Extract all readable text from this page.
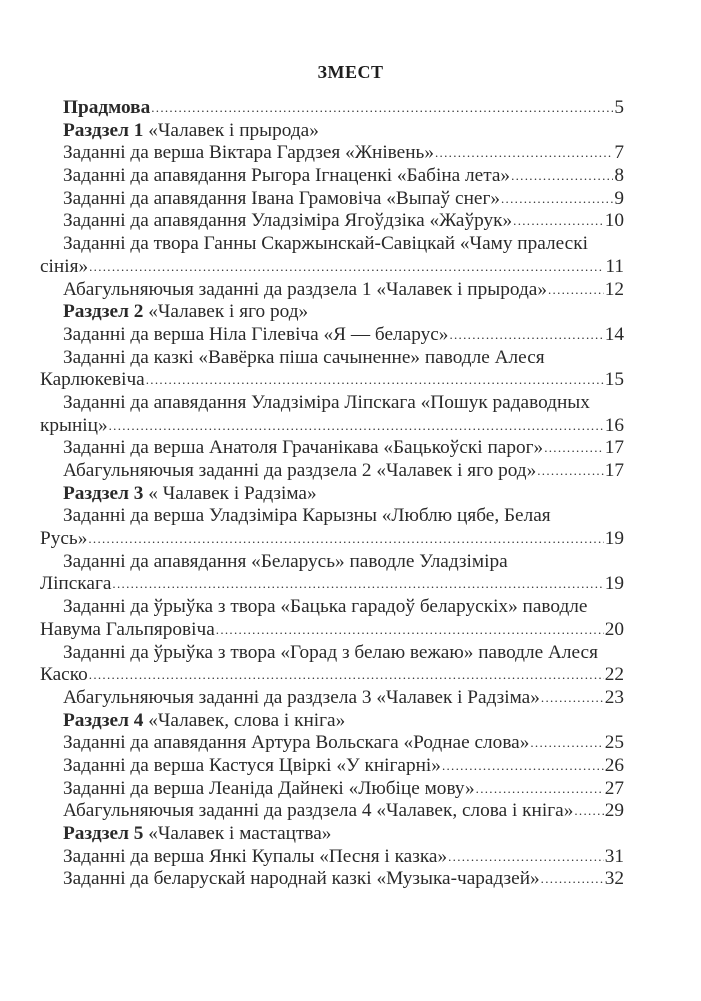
ЗМЕСТ
Прадмова .....	5
Раздзел 1 «Чалавек і прырода»
Заданні да верша Віктара Гардзея «Жнівень» .....	7
Заданні да апавядання Рыгора Ігнаценкі «Бабіна лета» .....	8
Заданні да апавядання Івана Грамовіча «Выпаў снег» .....	9
Заданні да апавядання Уладзіміра Ягоўдзіка «Жаўрук» .....	10
Заданні да твора Ганны Скаржынскай-Савіцкай «Чаму пралескі
сінія» .....	11
Абагульняючыя заданні да раздзела 1 «Чалавек і прырода» .....	12
Раздзел 2 «Чалавек і яго род»
Заданні да верша Ніла Гілевіча «Я — беларус» .....	14
Заданні да казкі «Вавёрка піша сачыненне» паводле Алеся
Карлюкевіча .....	15
Заданні да апавядання Уладзіміра Ліпскага «Пошук радаводных
крыніц» .....	16
Заданні да верша Анатоля Грачанікава «Бацькоўскі парог» .....	17
Абагульняючыя заданні да раздзела 2 «Чалавек і яго род» .....	17
Раздзел 3 « Чалавек і Радзіма»
Заданні да верша Уладзіміра Карызны «Люблю цябе, Белая
Русь» .....	19
Заданні да апавядання «Беларусь» паводле Уладзіміра
Ліпскага .....	19
Заданні да ўрыўка з твора «Бацька гарадоў беларускіх» паводле
Навума Гальпяровіча .....	20
Заданні да ўрыўка з твора «Горад з белаю вежаю» паводле Алеся
Каско .....	22
Абагульняючыя заданні да раздзела 3 «Чалавек і Радзіма» .....	23
Раздзел 4 «Чалавек, слова і кніга»
Заданні да апавядання Артура Вольскага «Роднае слова» .....	25
Заданні да верша Кастуся Цвіркі «У кнігарні» .....	26
Заданні да верша Леаніда Дайнекі «Любіце мову» .....	27
Абагульняючыя заданні да раздзела 4 «Чалавек, слова і кніга» ..... 29
Раздзел 5 «Чалавек і мастацтва»
Заданні да верша Янкі Купалы «Песня і казка» .....	31
Заданні да беларускай народнай казкі «Музыка-чарадзей» .....	32
